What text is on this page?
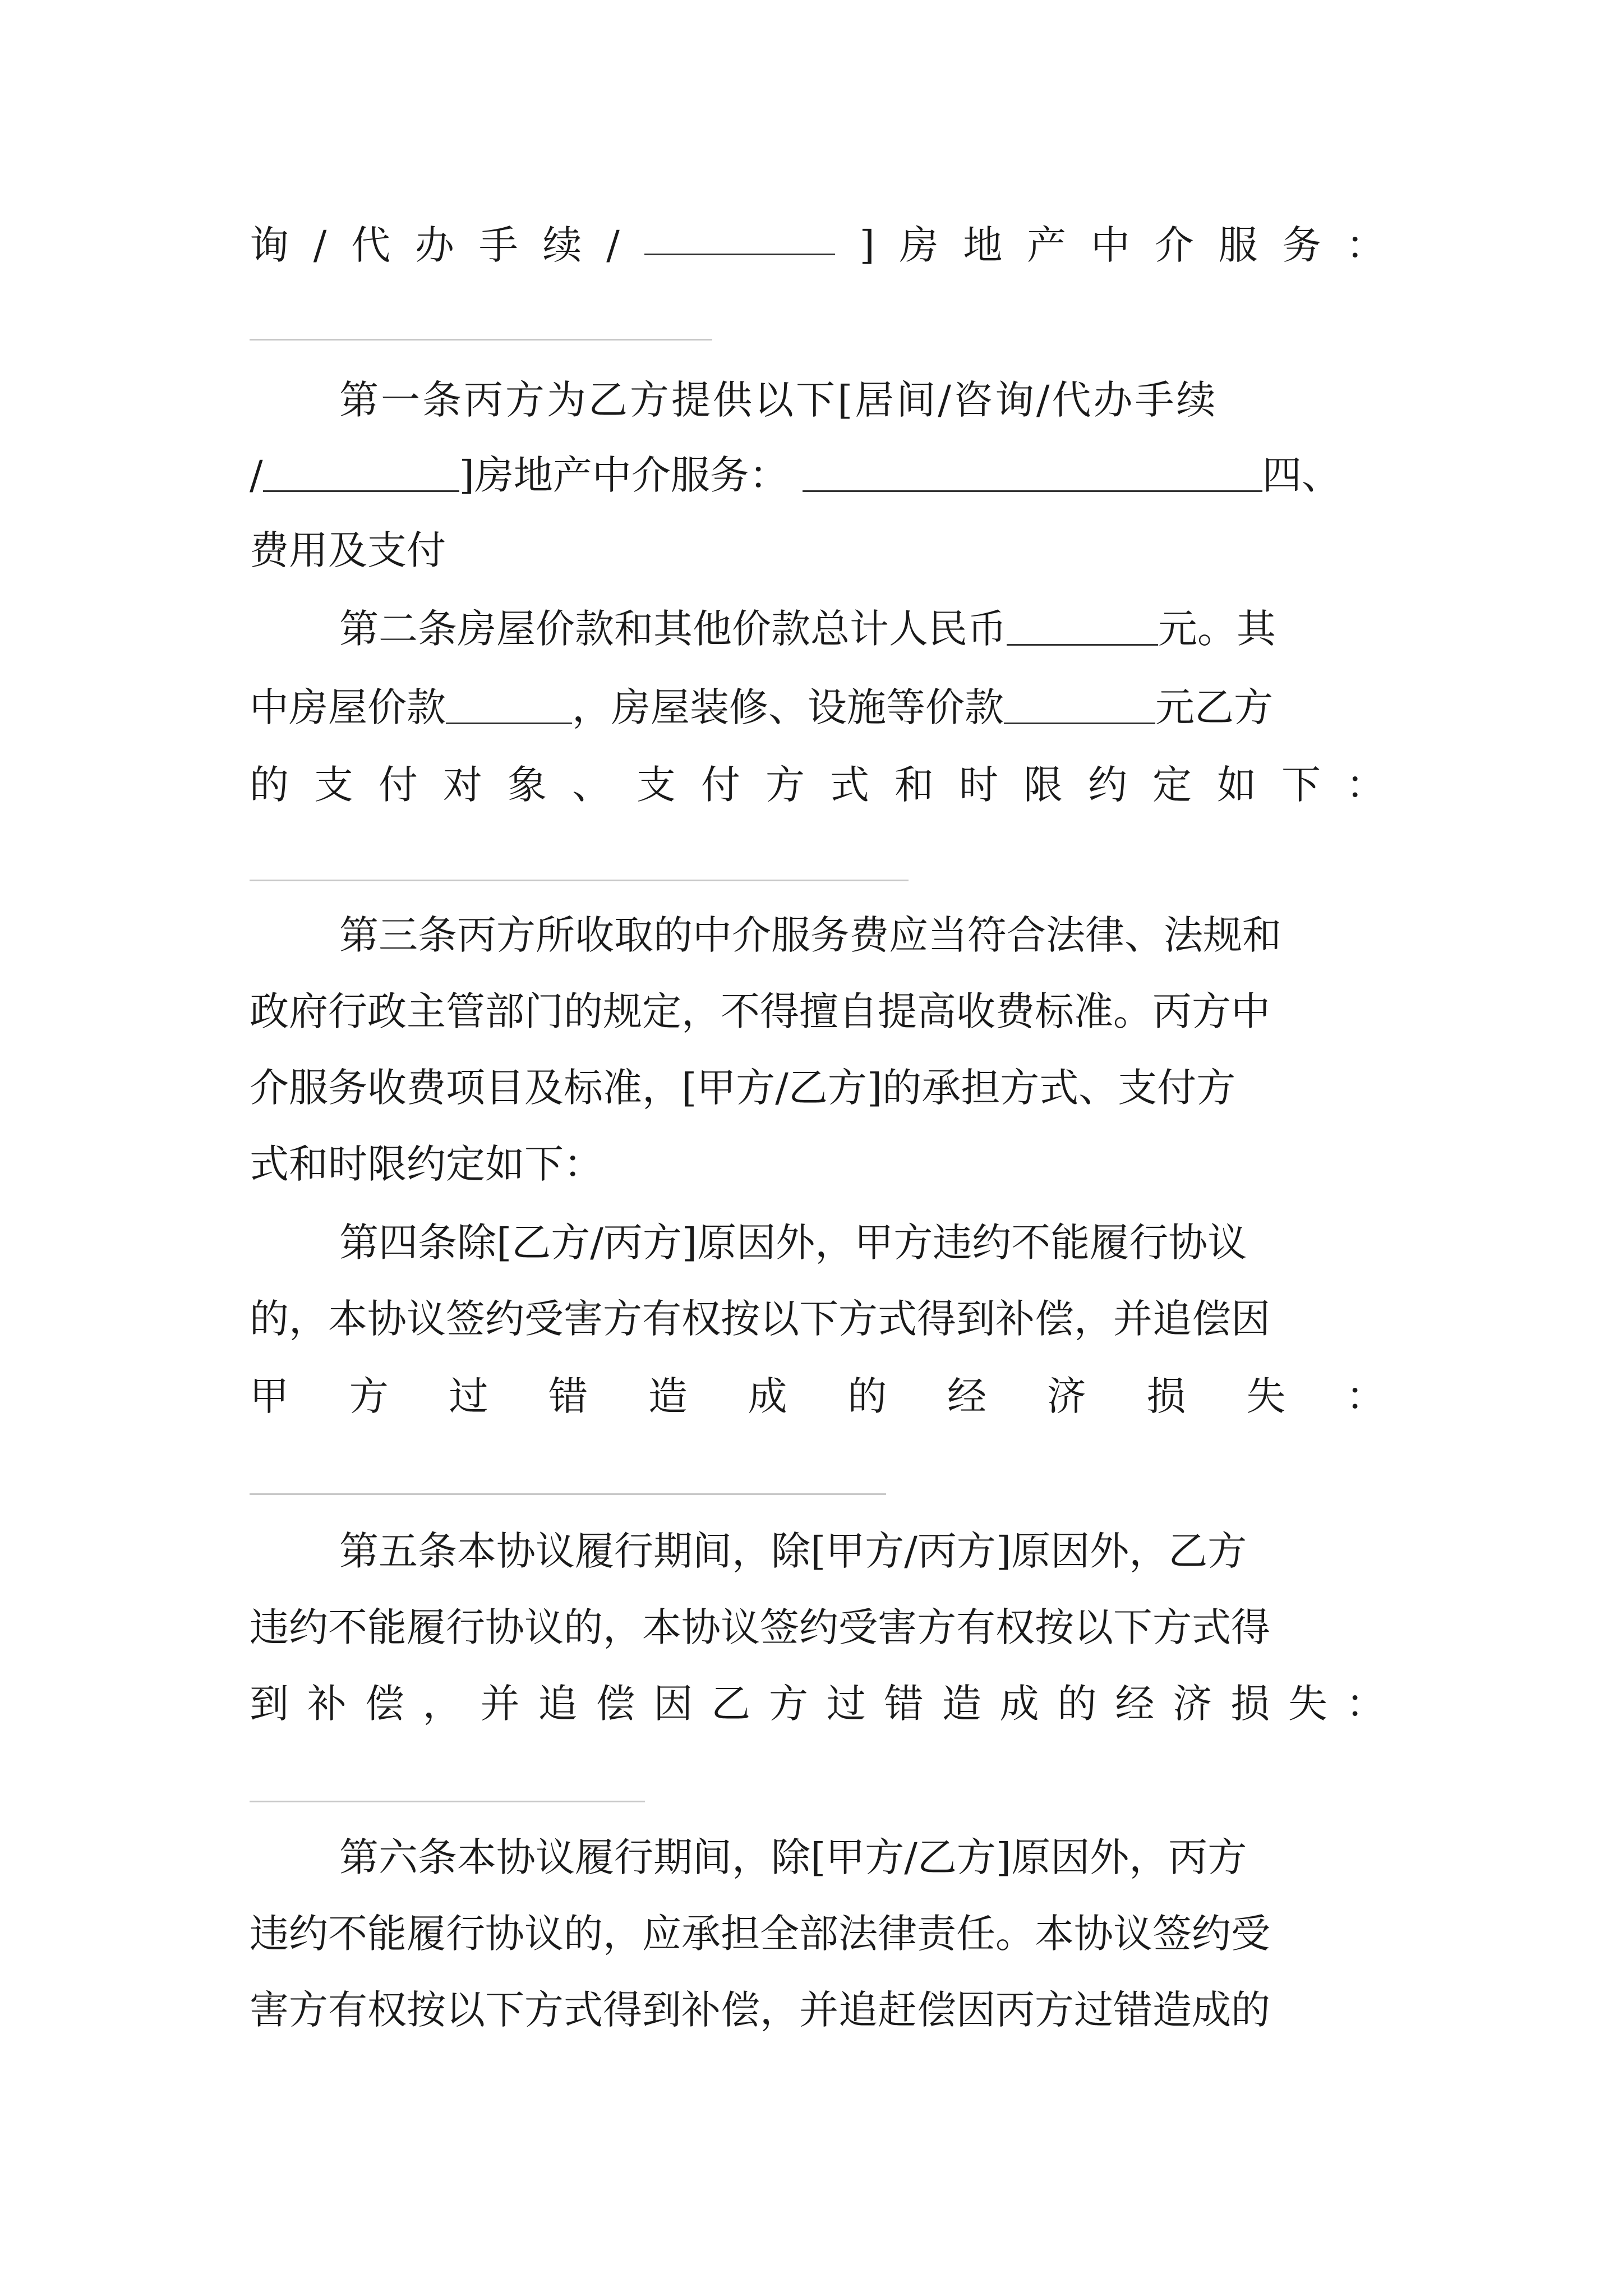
询 / 代 办 手 续 /	] 房 地 产 中 介 服 务 ：
第一条丙方为乙方提供以下[居间/咨询/代办手续
/	]房地产中介服务：	四、
费用及支付
第二条房屋价款和其他价款总计人民币	元。其
中房屋价款	，房屋装修、设施等价款	元乙方
的 支 付 对 象 、 支 付 方 式 和 时 限 约 定 如 下 ：
第三条丙方所收取的中介服务费应当符合法律、法规和
政府行政主管部门的规定，不得擅自提高收费标准。丙方中
介服务收费项目及标准，[甲方/乙方]的承担方式、支付方
式和时限约定如下：
第四条除[乙方/丙方]原因外，甲方违约不能履行协议
的，本协议签约受害方有权按以下方式得到补偿，并追偿因
甲 方 过 错 造 成 的 经 济 损 失 ：
第五条本协议履行期间，除[甲方/丙方]原因外，乙方
违约不能履行协议的，本协议签约受害方有权按以下方式得
到 补 偿 ， 并 追 偿 因 乙 方 过 错 造 成 的 经 济 损 失 ：
第六条本协议履行期间，除[甲方/乙方]原因外，丙方
违约不能履行协议的，应承担全部法律责任。本协议签约受
害方有权按以下方式得到补偿，并追赶偿因丙方过错造成的
